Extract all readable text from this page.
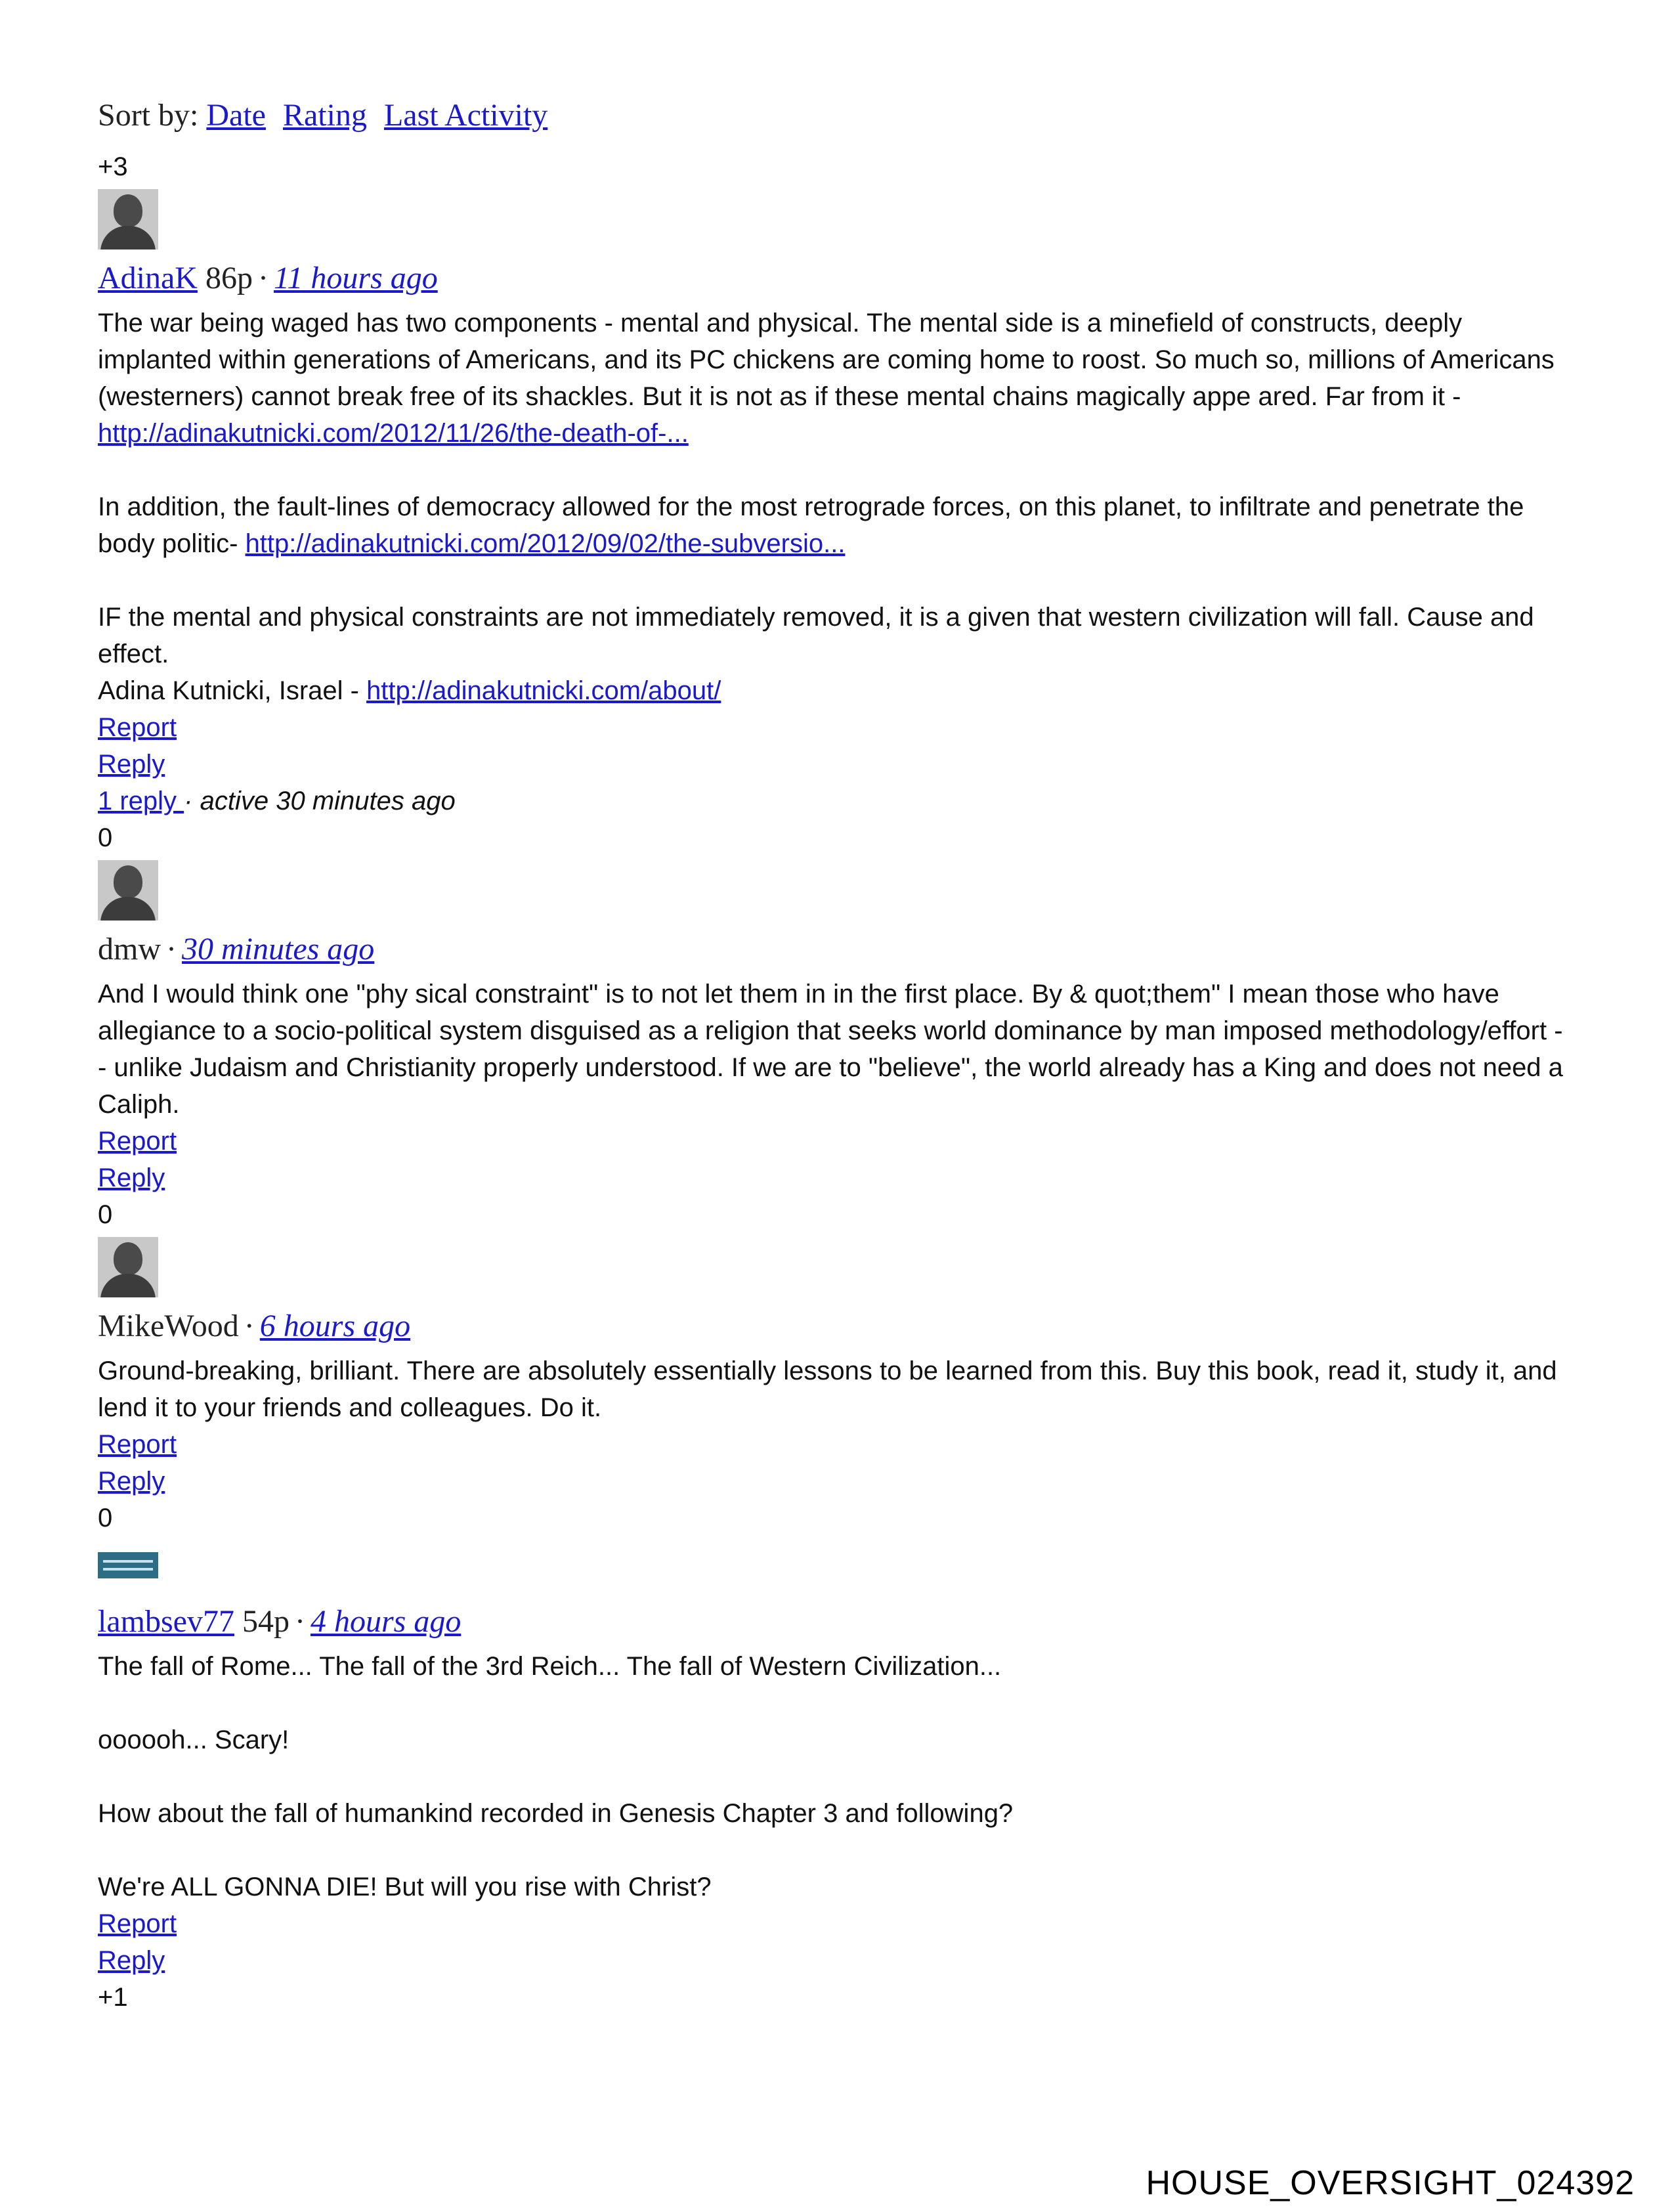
Sort by: Date Rating Last Activity
+3
AdinaK 86p · 11 hours ago

The war being waged has two components - mental and physical. The mental side is a minefield of constructs, deeply implanted within generations of Americans, and its PC chickens are coming home to roost. So much so, millions of Americans (westerners) cannot break free of its shackles. But it is not as if these mental chains magically appe ared. Far from it - http://adinakutnicki.com/2012/11/26/the-death-of-...

In addition, the fault-lines of democracy allowed for the most retrograde forces, on this planet, to infiltrate and penetrate the body politic- http://adinakutnicki.com/2012/09/02/the-subversio...

IF the mental and physical constraints are not immediately removed, it is a given that western civilization will fall. Cause and effect.

Adina Kutnicki, Israel - http://adinakutnicki.com/about/

Report
Reply
1 reply · active 30 minutes ago
0
dmw · 30 minutes ago

And I would think one "phy sical constraint" is to not let them in in the first place. By & quot;them" I mean those who have allegiance to a socio-political system disguised as a religion that seeks world dominance by man imposed methodology/effort -- unlike Judaism and Christianity properly understood. If we are to "believe", the world already has a King and does not need a Caliph.

Report
Reply
0
MikeWood · 6 hours ago

Ground-breaking, brilliant. There are absolutely essentially lessons to be learned from this. Buy this book, read it, study it, and lend it to your friends and colleagues. Do it.

Report
Reply
0
lambsev77 54p · 4 hours ago

The fall of Rome... The fall of the 3rd Reich... The fall of Western Civilization...

oooooh... Scary!

How about the fall of humankind recorded in Genesis Chapter 3 and following?

We're ALL GONNA DIE! But will you rise with Christ?

Report
Reply
+1
HOUSE_OVERSIGHT_024392
